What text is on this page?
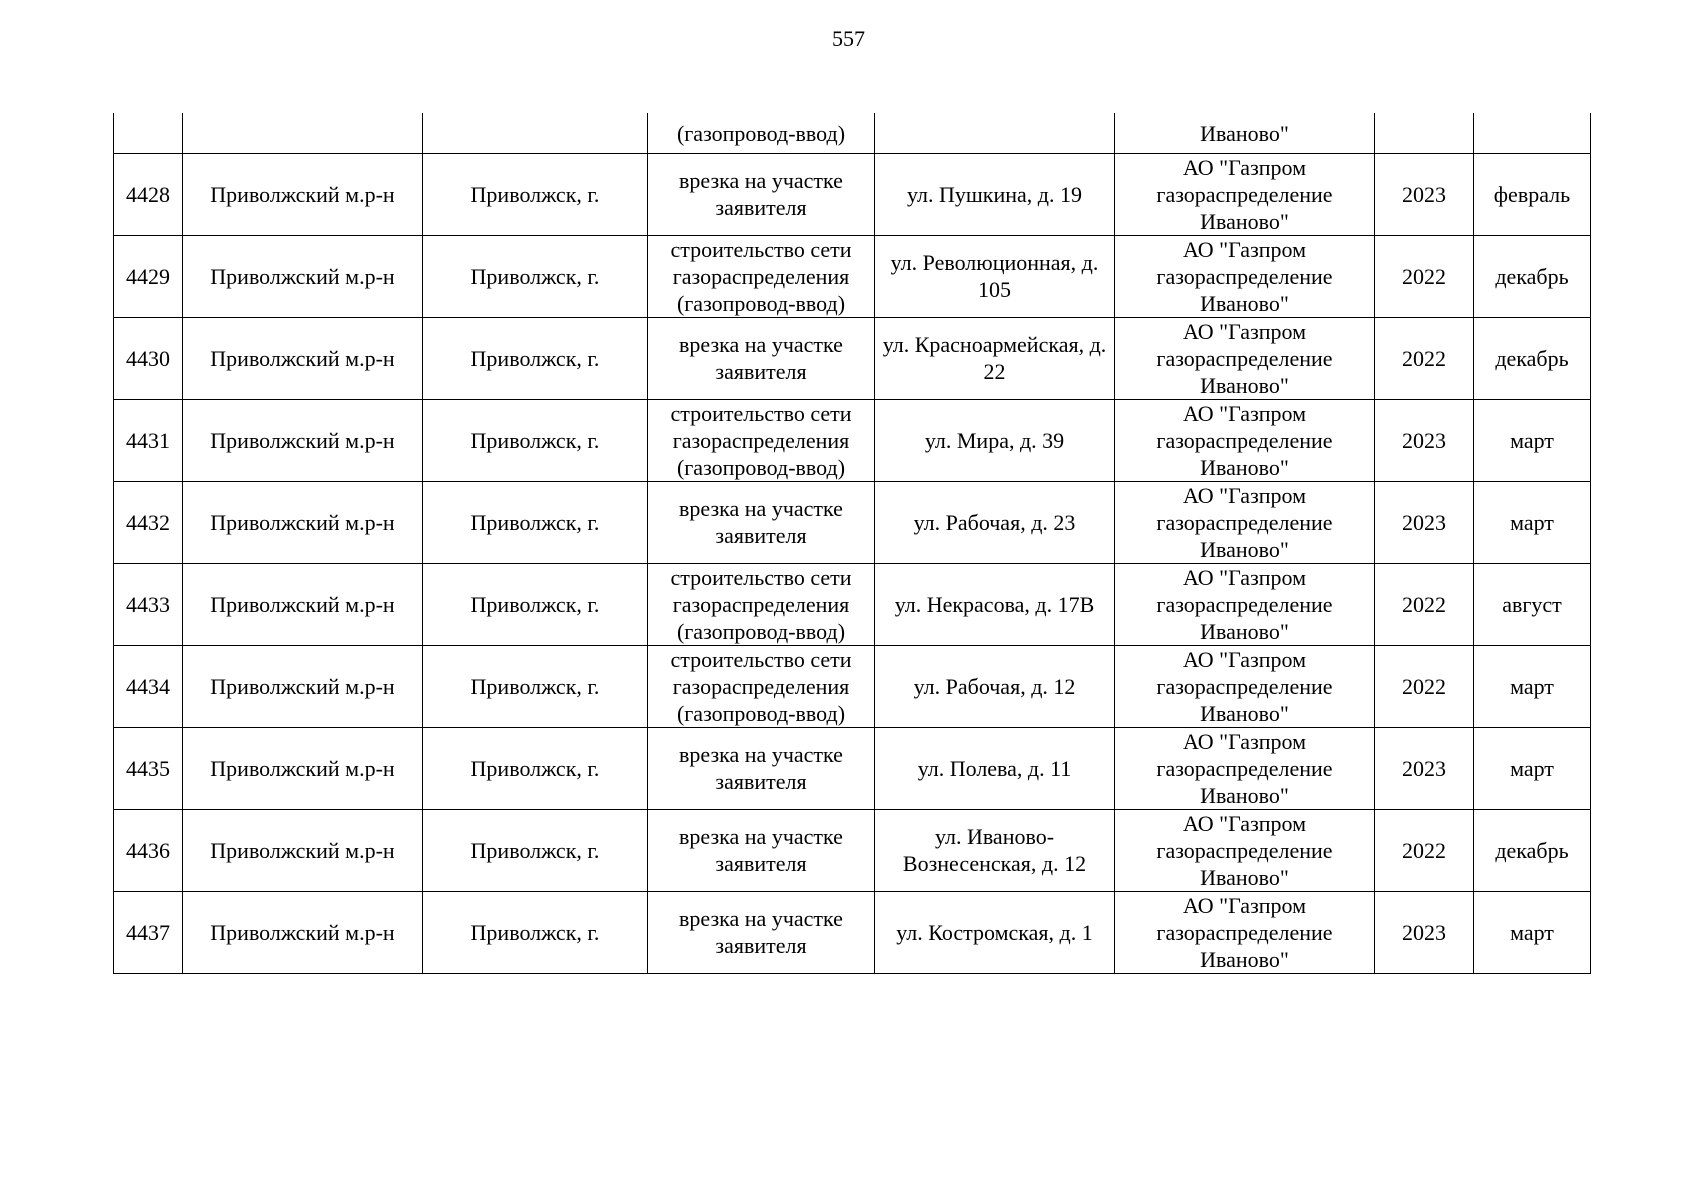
557
			(газопровод-ввод)		Иваново"		
4428	Приволжский м.р-н	Приволжск, г.	врезка на участке заявителя	ул. Пушкина, д. 19	АО "Газпром газораспределение Иваново"	2023	февраль
4429	Приволжский м.р-н	Приволжск, г.	строительство сети газораспределения (газопровод-ввод)	ул. Революционная, д. 105	АО "Газпром газораспределение Иваново"	2022	декабрь
4430	Приволжский м.р-н	Приволжск, г.	врезка на участке заявителя	ул. Красноармейская, д. 22	АО "Газпром газораспределение Иваново"	2022	декабрь
4431	Приволжский м.р-н	Приволжск, г.	строительство сети газораспределения (газопровод-ввод)	ул. Мира, д. 39	АО "Газпром газораспределение Иваново"	2023	март
4432	Приволжский м.р-н	Приволжск, г.	врезка на участке заявителя	ул. Рабочая, д. 23	АО "Газпром газораспределение Иваново"	2023	март
4433	Приволжский м.р-н	Приволжск, г.	строительство сети газораспределения (газопровод-ввод)	ул. Некрасова, д. 17В	АО "Газпром газораспределение Иваново"	2022	август
4434	Приволжский м.р-н	Приволжск, г.	строительство сети газораспределения (газопровод-ввод)	ул. Рабочая, д. 12	АО "Газпром газораспределение Иваново"	2022	март
4435	Приволжский м.р-н	Приволжск, г.	врезка на участке заявителя	ул. Полева, д. 11	АО "Газпром газораспределение Иваново"	2023	март
4436	Приволжский м.р-н	Приволжск, г.	врезка на участке заявителя	ул. Иваново-Вознесенская, д. 12	АО "Газпром газораспределение Иваново"	2022	декабрь
4437	Приволжский м.р-н	Приволжск, г.	врезка на участке заявителя	ул. Костромская, д. 1	АО "Газпром газораспределение Иваново"	2023	март
